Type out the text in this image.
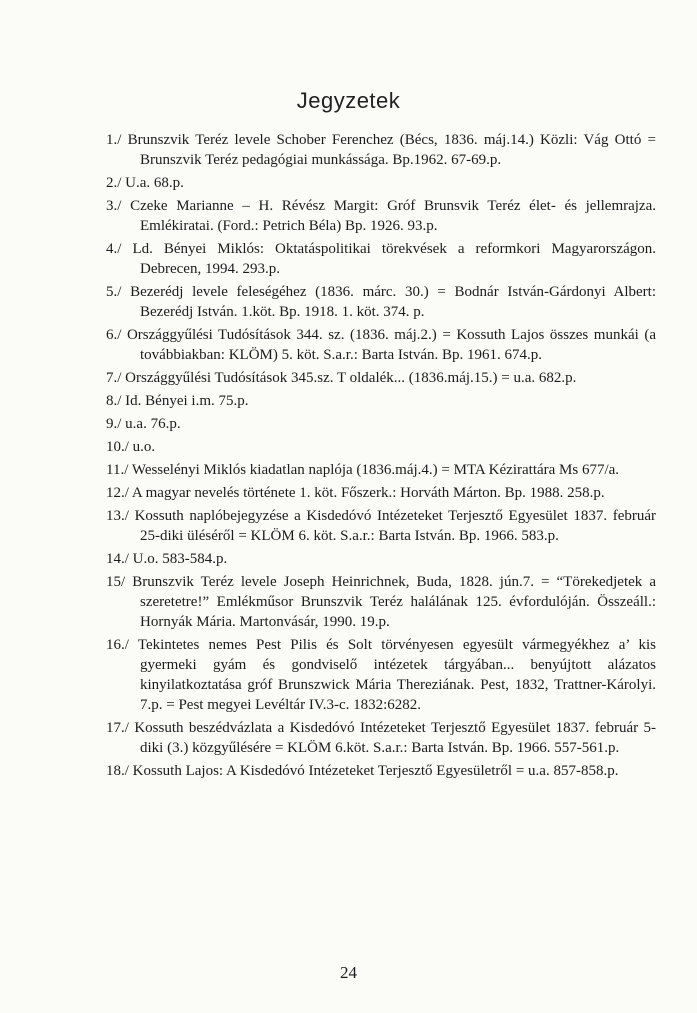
Jegyzetek
1./ Brunszvik Teréz levele Schober Ferenchez (Bécs, 1836. máj.14.) Közli: Vág Ottó = Brunszvik Teréz pedagógiai munkássága. Bp.1962. 67-69.p.
2./ U.a. 68.p.
3./ Czeke Marianne – H. Révész Margit: Gróf Brunsvik Teréz élet- és jellemrajza. Emlékiratai. (Ford.: Petrich Béla) Bp. 1926. 93.p.
4./ Ld. Bényei Miklós: Oktatáspolitikai törekvések a reformkori Magyarországon. Debrecen, 1994. 293.p.
5./ Bezerédj levele feleségéhez (1836. márc. 30.) = Bodnár István-Gárdonyi Albert: Bezerédj István. 1.köt. Bp. 1918. 1. köt. 374. p.
6./ Országgyűlési Tudósítások 344. sz. (1836. máj.2.) = Kossuth Lajos összes munkái (a továbbiakban: KLÖM) 5. köt. S.a.r.: Barta István. Bp. 1961. 674.p.
7./ Országgyűlési Tudósítások 345.sz. T oldalék... (1836.máj.15.) = u.a. 682.p.
8./ Id. Bényei i.m. 75.p.
9./ u.a. 76.p.
10./ u.o.
11./ Wesselényi Miklós kiadatlan naplója (1836.máj.4.) = MTA Kézirattára Ms 677/a.
12./ A magyar nevelés története 1. köt. Főszerk.: Horváth Márton. Bp. 1988. 258.p.
13./ Kossuth naplóbejegyzése a Kisdedóvó Intézeteket Terjesztő Egyesület 1837. február 25-diki üléséről = KLÖM 6. köt. S.a.r.: Barta István. Bp. 1966. 583.p.
14./ U.o. 583-584.p.
15/ Brunszvik Teréz levele Joseph Heinrichnek, Buda, 1828. jún.7. = “Törekedjetek a szeretetre!” Emlékműsor Brunszvik Teréz halálának 125. évfordulóján. Összeáll.: Hornyák Mária. Martonvásár, 1990. 19.p.
16./ Tekintetes nemes Pest Pilis és Solt törvényesen egyesült vármegyékhez a’ kis gyermeki gyám és gondviselő intézetek tárgyában... benyújtott alázatos kinyilatkoztatása gróf Brunszwick Mária Thereziának. Pest, 1832, Trattner-Károlyi. 7.p. = Pest megyei Levéltár IV.3-c. 1832:6282.
17./ Kossuth beszédvázlata a Kisdedóvó Intézeteket Terjesztő Egyesület 1837. február 5-diki (3.) közgyűlésére = KLÖM 6.köt. S.a.r.: Barta István. Bp. 1966. 557-561.p.
18./ Kossuth Lajos: A Kisdedóvó Intézeteket Terjesztő Egyesületről = u.a. 857-858.p.
24
